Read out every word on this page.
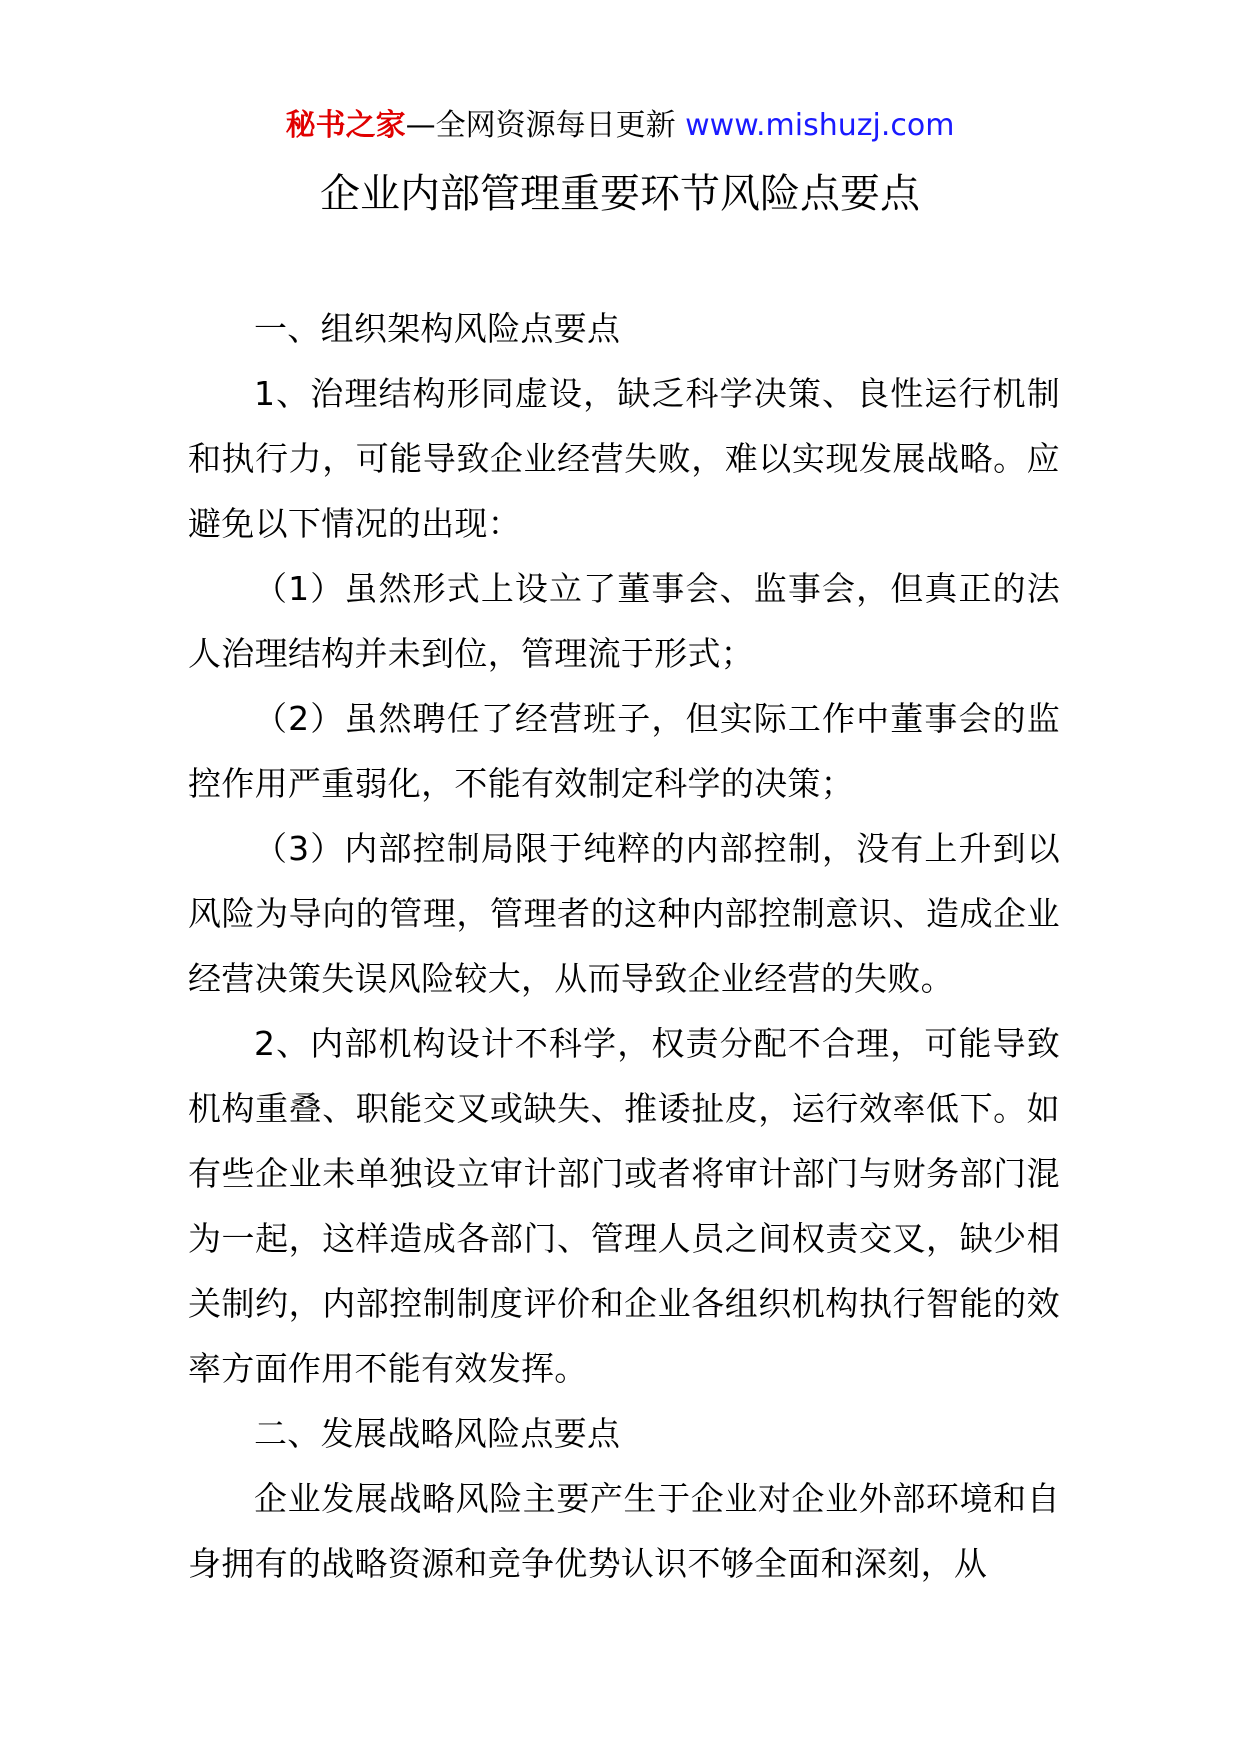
秘书之家—全网资源每日更新 www.mishuzj.com
企业内部管理重要环节风险点要点

一、组织架构风险点要点

1、治理结构形同虚设，缺乏科学决策、良性运行机制和执行力，可能导致企业经营失败，难以实现发展战略。应避免以下情况的出现：

（1）虽然形式上设立了董事会、监事会，但真正的法人治理结构并未到位，管理流于形式；

（2）虽然聘任了经营班子，但实际工作中董事会的监控作用严重弱化，不能有效制定科学的决策；

（3）内部控制局限于纯粹的内部控制，没有上升到以风险为导向的管理，管理者的这种内部控制意识、造成企业经营决策失误风险较大，从而导致企业经营的失败。

2、内部机构设计不科学，权责分配不合理，可能导致机构重叠、职能交叉或缺失、推诿扯皮，运行效率低下。如有些企业未单独设立审计部门或者将审计部门与财务部门混为一起，这样造成各部门、管理人员之间权责交叉，缺少相关制约，内部控制制度评价和企业各组织机构执行智能的效率方面作用不能有效发挥。

二、发展战略风险点要点

企业发展战略风险主要产生于企业对企业外部环境和自身拥有的战略资源和竞争优势认识不够全面和深刻，从
